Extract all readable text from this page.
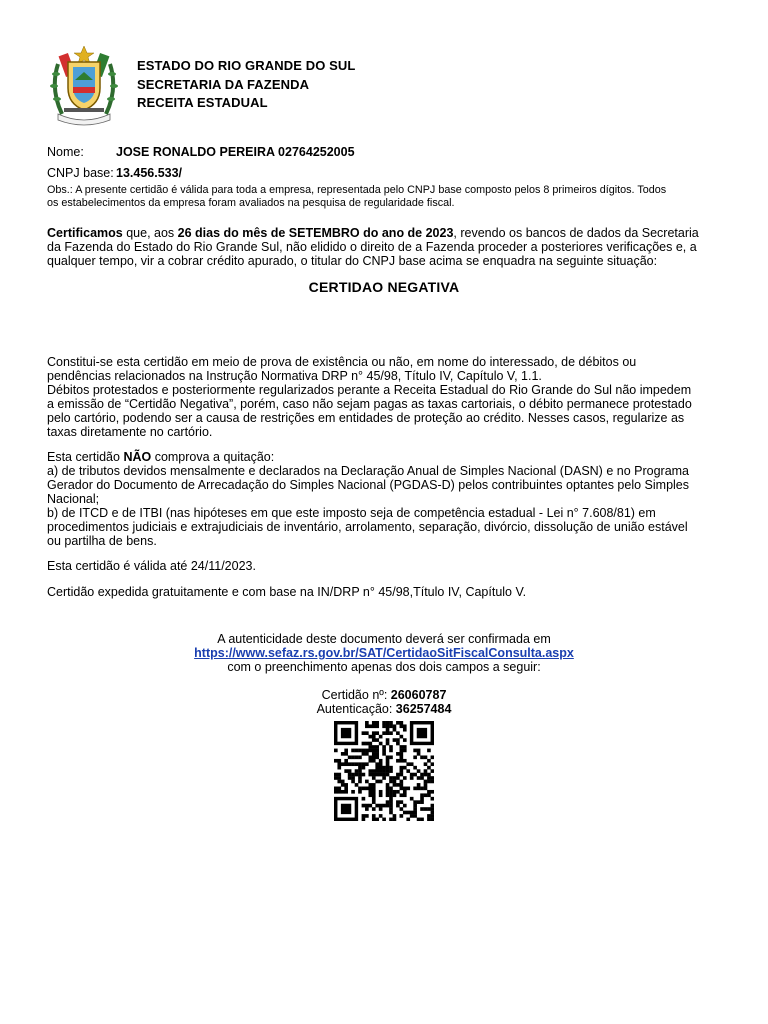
ESTADO DO RIO GRANDE DO SUL
SECRETARIA DA FAZENDA
RECEITA ESTADUAL
Nome:	JOSE RONALDO PEREIRA 02764252005
CNPJ base: 13.456.533/
Obs.: A presente certidão é válida para toda a empresa, representada pelo CNPJ base composto pelos 8 primeiros dígitos. Todos
os estabelecimentos da empresa foram avaliados na pesquisa de regularidade fiscal.
Certificamos que, aos 26 dias do mês de SETEMBRO do ano de 2023, revendo os bancos de dados da Secretaria
da Fazenda do Estado do Rio Grande Sul, não elidido o direito de a Fazenda proceder a posteriores verificações e, a
qualquer tempo, vir a cobrar crédito apurado, o titular do CNPJ base acima se enquadra na seguinte situação:
CERTIDAO NEGATIVA
Constitui-se esta certidão em meio de prova de existência ou não, em nome do interessado, de débitos ou
pendências relacionados na Instrução Normativa DRP n° 45/98, Título IV, Capítulo V, 1.1.
Débitos protestados e posteriormente regularizados perante a Receita Estadual do Rio Grande do Sul não impedem
a emissão de “Certidão Negativa”, porém, caso não sejam pagas as taxas cartoriais, o débito permanece protestado
pelo cartório, podendo ser a causa de restrições em entidades de proteção ao crédito. Nesses casos, regularize as
taxas diretamente no cartório.
Esta certidão NÃO comprova a quitação:
a) de tributos devidos mensalmente e declarados na Declaração Anual de Simples Nacional (DASN) e no Programa
Gerador do Documento de Arrecadação do Simples Nacional (PGDAS-D) pelos contribuintes optantes pelo Simples
Nacional;
b) de ITCD e de ITBI (nas hipóteses em que este imposto seja de competência estadual - Lei n° 7.608/81) em
procedimentos judiciais e extrajudiciais de inventário, arrolamento, separação, divórcio, dissolução de união estável
ou partilha de bens.
Esta certidão é válida até 24/11/2023.
Certidão expedida gratuitamente e com base na IN/DRP n° 45/98,Título IV, Capítulo V.
A autenticidade deste documento deverá ser confirmada em
https://www.sefaz.rs.gov.br/SAT/CertidaoSitFiscalConsulta.aspx
com o preenchimento apenas dos dois campos a seguir:
Certidão nº: 26060787
Autenticação: 36257484
